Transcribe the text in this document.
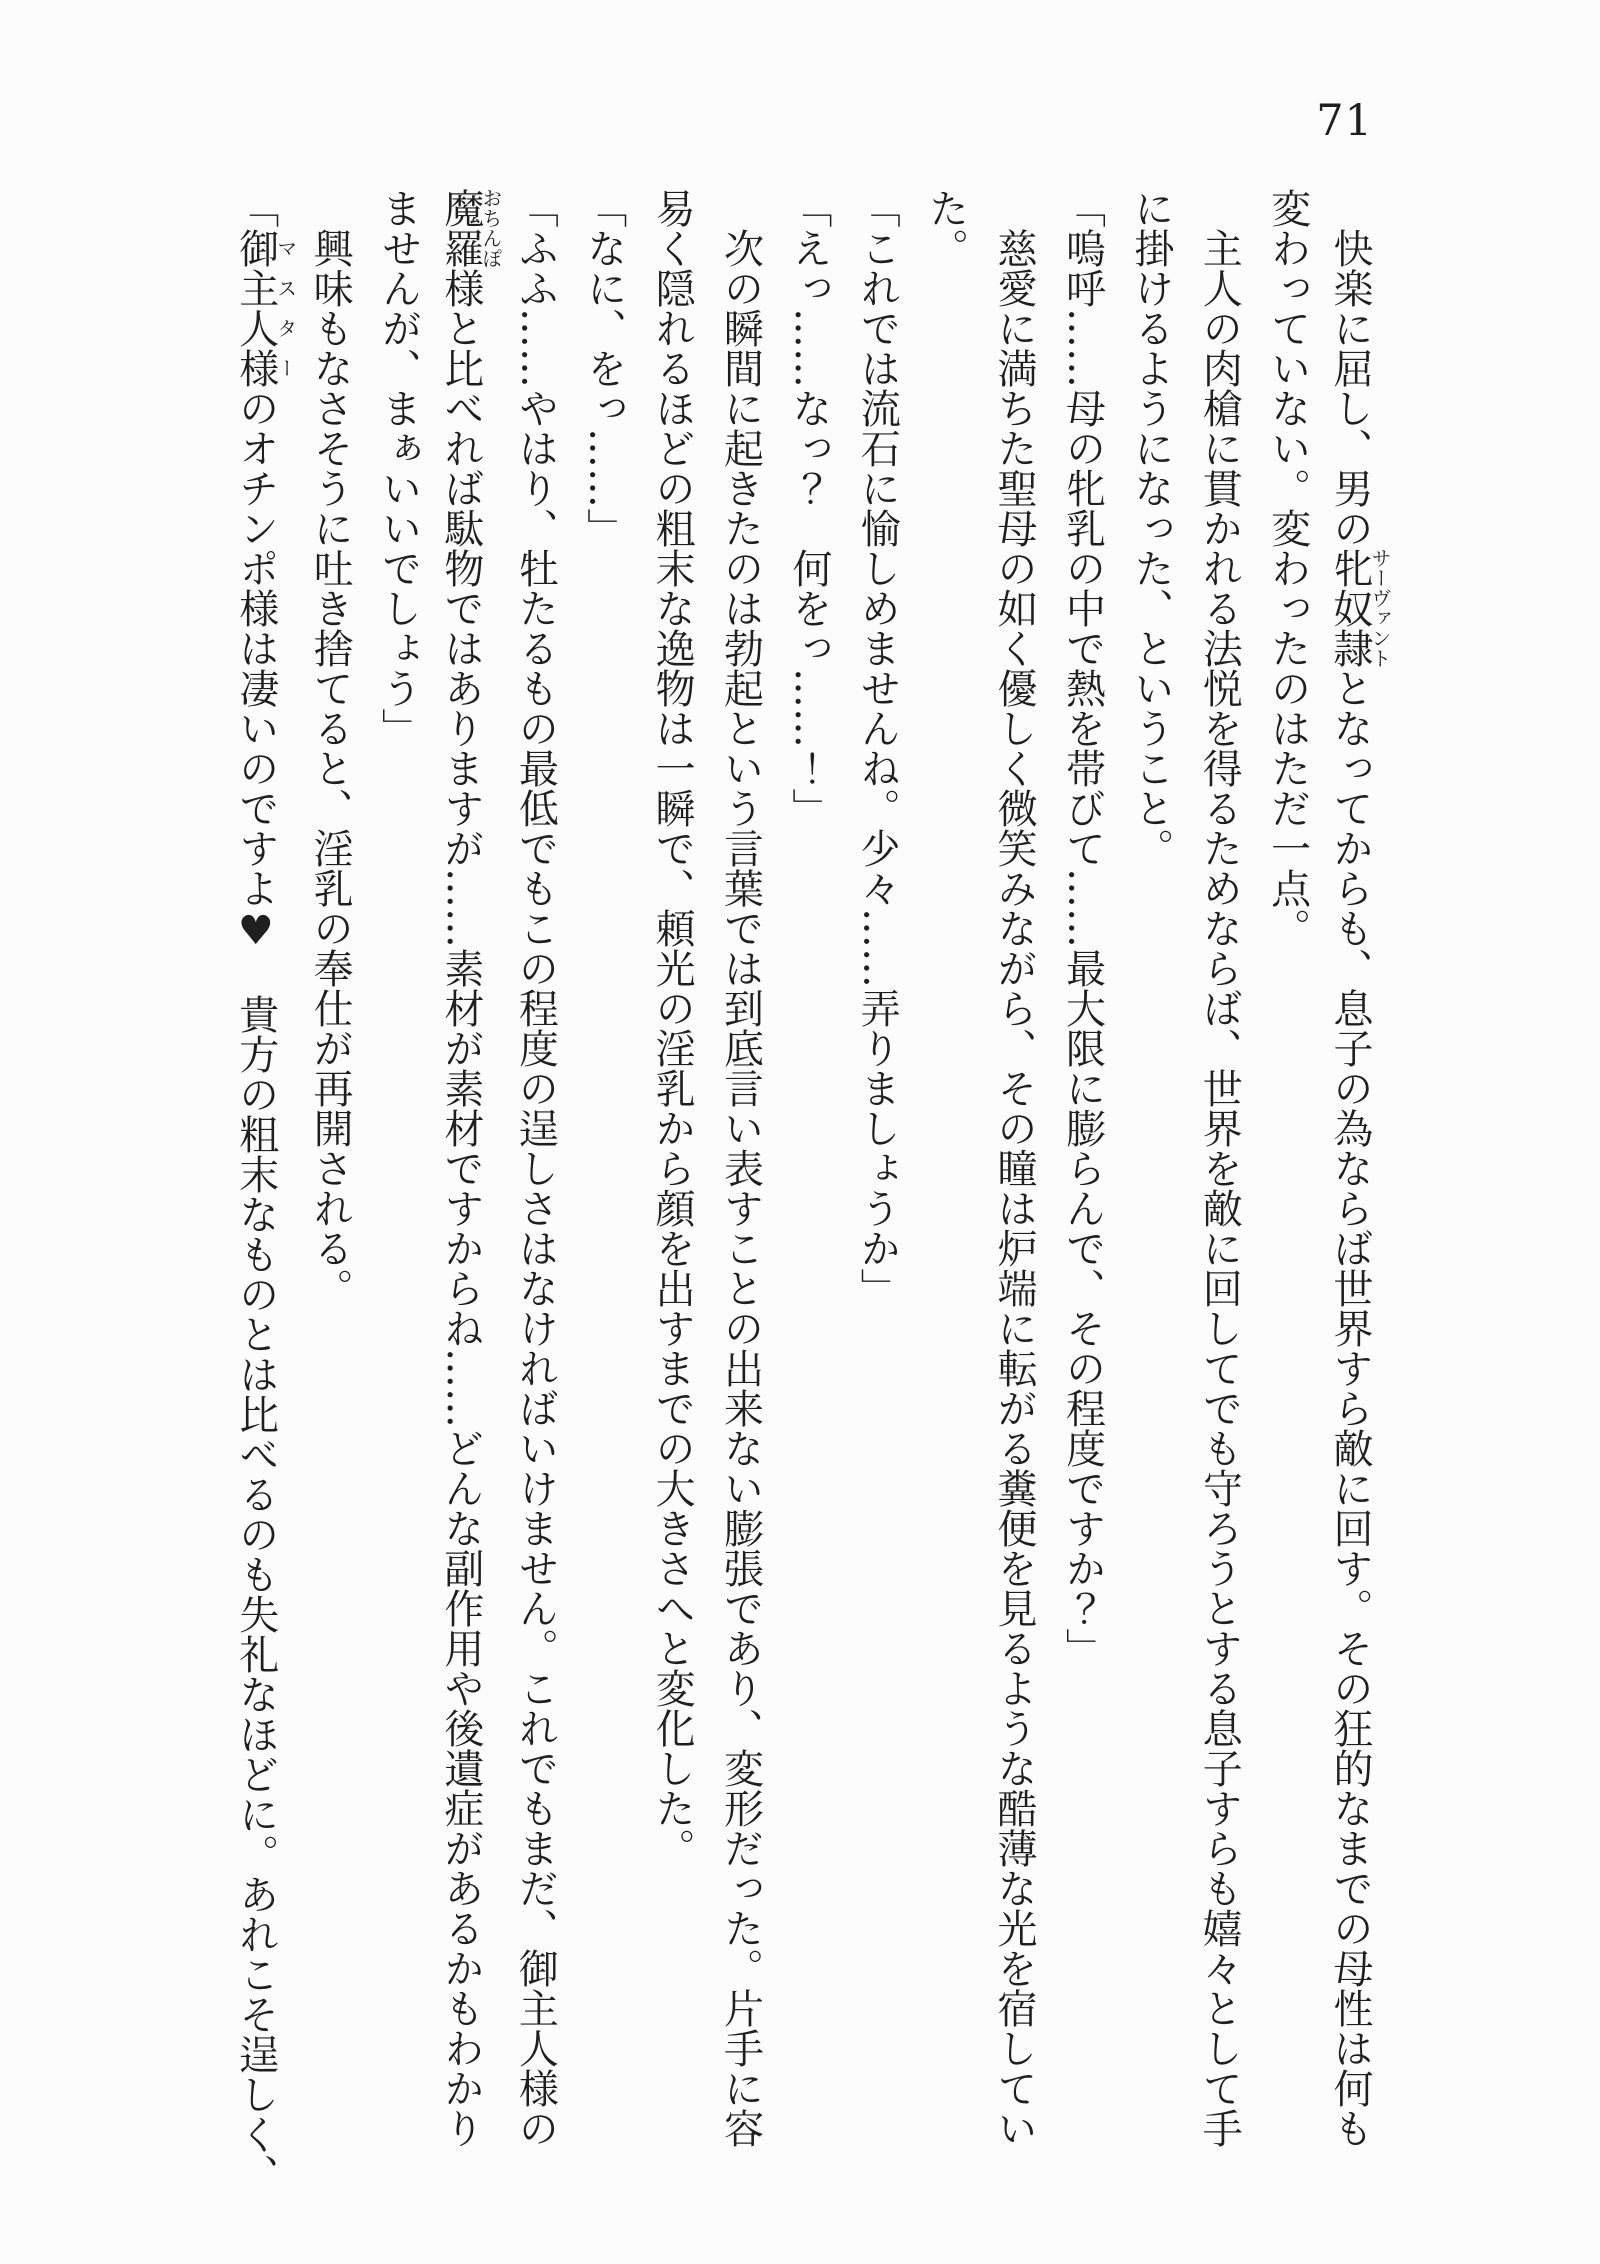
71
快楽に屈し、男の牝奴隷サーヴァントとなってからも、息子の為ならば世界すら敵に回す。その狂的なまでの母性は何も
変わっていない。変わったのはただ一点。
主人の肉槍に貫かれる法悦を得るためならば、世界を敵に回してでも守ろうとする息子すらも嬉々として手
に掛けるようになった、ということ。
「嗚呼……母の牝乳の中で熱を帯びて……最大限に膨らんで、その程度ですか？」
慈愛に満ちた聖母の如く優しく微笑みながら、その瞳は炉端に転がる糞便を見るような酷薄な光を宿してい
た。
「これでは流石に愉しめませんね。少々……弄りましょうか」
「えっ……なっ？　何をっ……！」
次の瞬間に起きたのは勃起という言葉では到底言い表すことの出来ない膨張であり、変形だった。片手に容
易く隠れるほどの粗末な逸物は一瞬で、頼光の淫乳から顔を出すまでの大きさへと変化した。
「なに、をっ……」
「ふふ……やはり、牡たるもの最低でもこの程度の逞しさはなければいけません。これでもまだ、御主人様の
魔羅おちんぽ様と比べれば駄物ではありますが……素材が素材ですからね……どんな副作用や後遺症があるかもわかり
ませんが、まぁいいでしょう」
興味もなさそうに吐き捨てると、淫乳の奉仕が再開される。
「御主人様マスターのオチンポ様は凄いのですよ♥　貴方の粗末なものとは比べるのも失礼なほどに。あれこそ逞しく、
